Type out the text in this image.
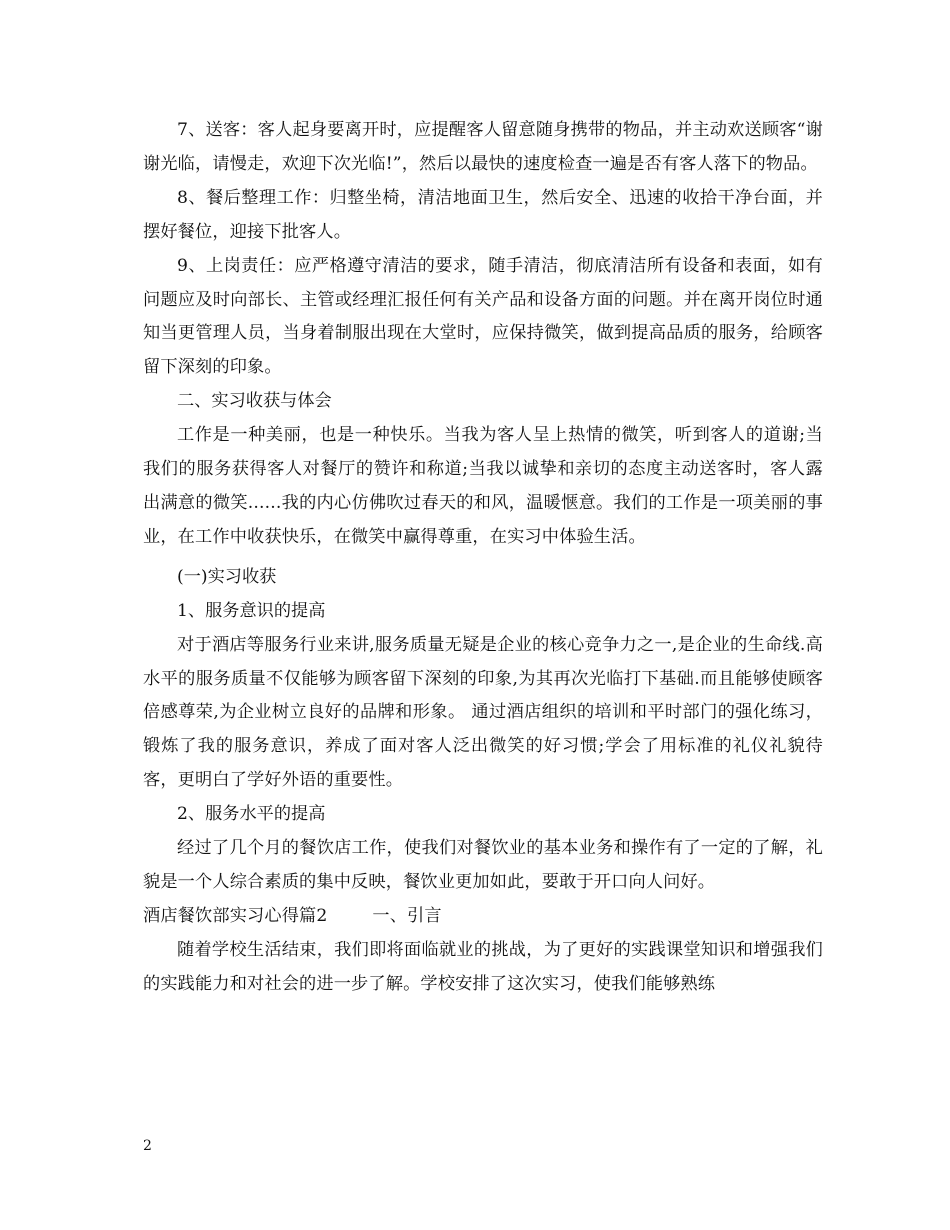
7、送客：客人起身要离开时，应提醒客人留意随身携带的物品，并主动欢送顾客“谢谢光临，请慢走，欢迎下次光临!”，然后以最快的速度检查一遍是否有客人落下的物品。

8、餐后整理工作：归整坐椅，清洁地面卫生，然后安全、迅速的收拾干净台面，并摆好餐位，迎接下批客人。

9、上岗责任：应严格遵守清洁的要求，随手清洁，彻底清洁所有设备和表面，如有问题应及时向部长、主管或经理汇报任何有关产品和设备方面的问题。并在离开岗位时通知当更管理人员，当身着制服出现在大堂时，应保持微笑，做到提高品质的服务，给顾客留下深刻的印象。

二、实习收获与体会

工作是一种美丽，也是一种快乐。当我为客人呈上热情的微笑，听到客人的道谢;当我们的服务获得客人对餐厅的赞许和称道;当我以诚挚和亲切的态度主动送客时，客人露出满意的微笑......我的内心仿佛吹过春天的和风，温暖惬意。我们的工作是一项美丽的事业，在工作中收获快乐，在微笑中赢得尊重，在实习中体验生活。

(一)实习收获

1、服务意识的提高

对于酒店等服务行业来讲,服务质量无疑是企业的核心竞争力之一,是企业的生命线.高水平的服务质量不仅能够为顾客留下深刻的印象,为其再次光临打下基础.而且能够使顾客倍感尊荣,为企业树立良好的品牌和形象。 通过酒店组织的培训和平时部门的强化练习，锻炼了我的服务意识，养成了面对客人泛出微笑的好习惯;学会了用标准的礼仪礼貌待客，更明白了学好外语的重要性。

2、服务水平的提高

经过了几个月的餐饮店工作，使我们对餐饮业的基本业务和操作有了一定的了解，礼貌是一个人综合素质的集中反映，餐饮业更加如此，要敢于开口向人问好。

酒店餐饮部实习心得篇2        一、引言

随着学校生活结束，我们即将面临就业的挑战，为了更好的实践课堂知识和增强我们的实践能力和对社会的进一步了解。学校安排了这次实习，使我们能够熟练

2
